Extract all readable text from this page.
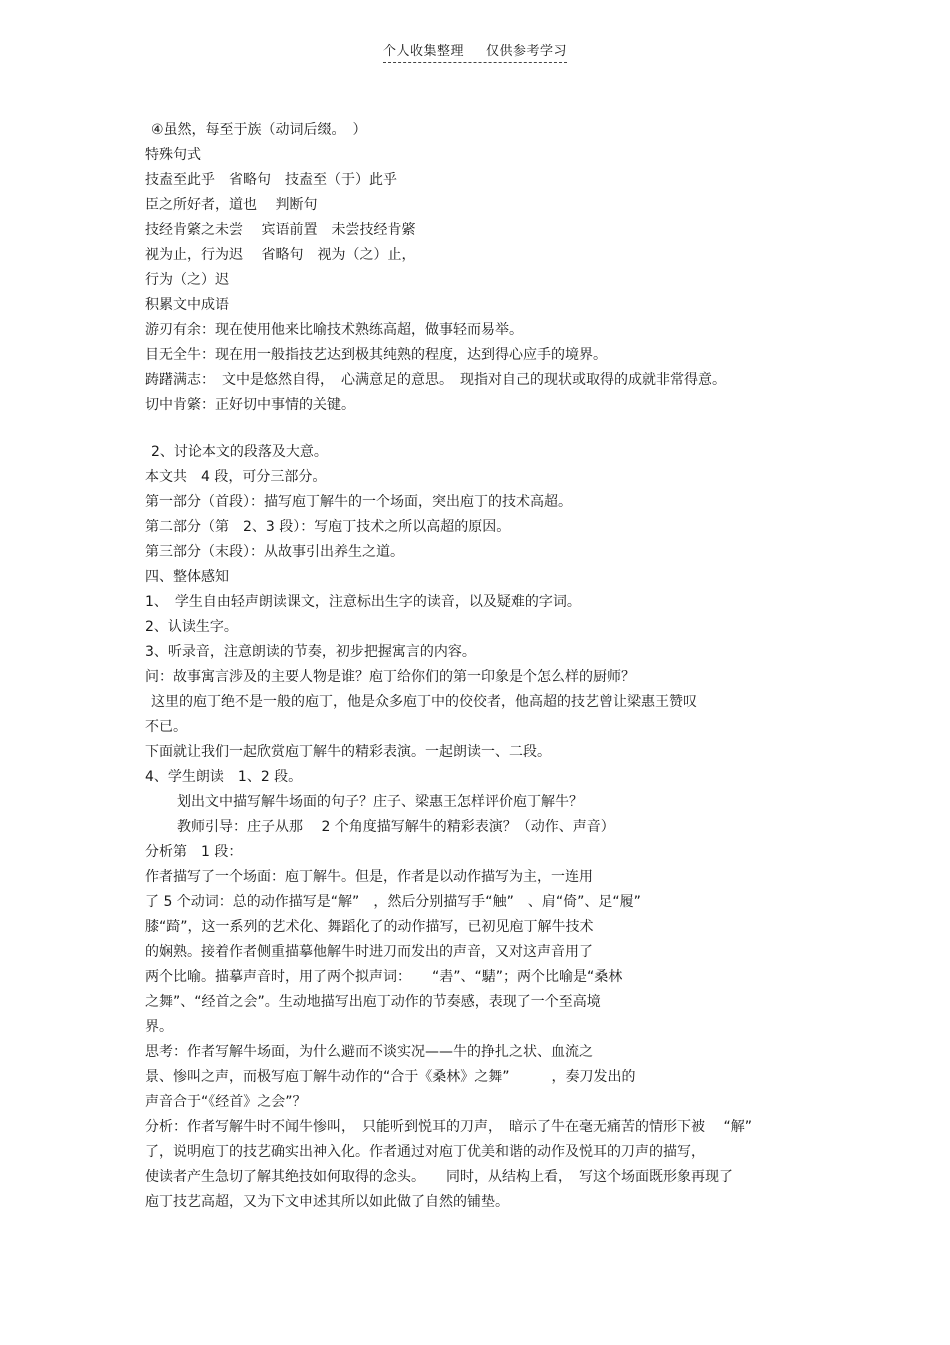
个人收集整理 仅供参考学习
④虽然，每至于族（动词后缀。　）
特殊句式
技盍至此乎　省略句　技盍至（于）此乎
臣之所好者，道也　 判断句
技经肯綮之未尝　 宾语前置　未尝技经肯綮
视为止，行为迟　 省略句　视为（之）止，
行为（之）迟
积累文中成语
游刃有余：现在使用他来比喻技术熟练高超，做事轻而易举。
目无全牛：现在用一般指技艺达到极其纯熟的程度，达到得心应手的境界。
踌躇满志：　文中是悠然自得，　心满意足的意思。　现指对自己的现状或取得的成就非常得意。
切中肯綮：正好切中事情的关键。
2、讨论本文的段落及大意。
本文共　4 段，可分三部分。
第一部分（首段）：描写庖丁解牛的一个场面，突出庖丁的技术高超。
第二部分（第　2、3 段）：写庖丁技术之所以高超的原因。
第三部分（末段）：从故事引出养生之道。
四、整体感知
1、　学生自由轻声朗读课文，注意标出生字的读音，以及疑难的字词。
2、认读生字。
3、听录音，注意朗读的节奏，初步把握寓言的内容。
问：故事寓言涉及的主要人物是谁？庖丁给你们的第一印象是个怎么样的厨师？
这里的庖丁绝不是一般的庖丁，他是众多庖丁中的佼佼者，他高超的技艺曾让梁惠王赞叹
不已。
下面就让我们一起欣赏庖丁解牛的精彩表演。一起朗读一、二段。
4、学生朗读　1、2 段。
划出文中描写解牛场面的句子？庄子、梁惠王怎样评价庖丁解牛？
教师引导：庄子从那　 2 个角度描写解牛的精彩表演？（动作、声音）
分析第　1 段：
作者描写了一个场面：庖丁解牛。但是，作者是以动作描写为主，一连用
了 5 个动词：总的动作描写是“解”　，然后分别描写手“触”　、肩“倚”、足“履”
膝“踦”，这一系列的艺术化、舞蹈化了的动作描写，已初见庖丁解牛技术
的娴熟。接着作者侧重描摹他解牛时进刀而发出的声音，又对这声音用了
两个比喻。描摹声音时，用了两个拟声词：　　“砉”、“騞”；两个比喻是“桑林
之舞”、“经首之会”。生动地描写出庖丁动作的节奏感，表现了一个至高境
界。
思考：作者写解牛场面，为什么避而不谈实况——牛的挣扎之状、血流之
景、惨叫之声，而极写庖丁解牛动作的“合于《桑林》之舞”　　　，奏刀发出的
声音合于“《经首》之会”？
分析：作者写解牛时不闻牛惨叫，　只能听到悦耳的刀声，　暗示了牛在毫无痛苦的情形下被　 “解”
了，说明庖丁的技艺确实出神入化。作者通过对庖丁优美和谐的动作及悦耳的刀声的描写，
使读者产生急切了解其绝技如何取得的念头。　　同时，从结构上看，　写这个场面既形象再现了
庖丁技艺高超，又为下文申述其所以如此做了自然的铺垫。
